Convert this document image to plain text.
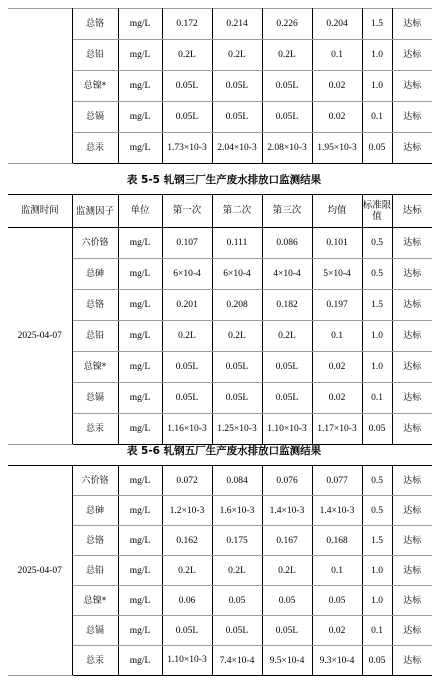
	总铬	mg/L	0.172	0.214	0.226	0.204	1.5	达标
	总铅	mg/L	0.2L	0.2L	0.2L	0.1	1.0	达标
	总镍*	mg/L	0.05L	0.05L	0.05L	0.02	1.0	达标
	总镉	mg/L	0.05L	0.05L	0.05L	0.02	0.1	达标
	总汞	mg/L	1.73×10-3	2.04×10-3	2.08×10-3	1.95×10-3	0.05	达标
表 5-5 轧钢三厂生产废水排放口监测结果
监测时间	监测因子	单位	第一次	第二次	第三次	均值	标准限值	达标
2025-04-07	六价铬	mg/L	0.107	0.111	0.086	0.101	0.5	达标
	总砷	mg/L	6×10-4	6×10-4	4×10-4	5×10-4	0.5	达标
	总铬	mg/L	0.201	0.208	0.182	0.197	1.5	达标
	总铅	mg/L	0.2L	0.2L	0.2L	0.1	1.0	达标
	总镍*	mg/L	0.05L	0.05L	0.05L	0.02	1.0	达标
	总镉	mg/L	0.05L	0.05L	0.05L	0.02	0.1	达标
	总汞	mg/L	1.16×10-3	1.25×10-3	1.10×10-3	1.17×10-3	0.05	达标
表 5-6 轧钢五厂生产废水排放口监测结果
2025-04-07	六价铬	mg/L	0.072	0.084	0.076	0.077	0.5	达标
	总砷	mg/L	1.2×10-3	1.6×10-3	1.4×10-3	1.4×10-3	0.5	达标
	总铬	mg/L	0.162	0.175	0.167	0.168	1.5	达标
	总铅	mg/L	0.2L	0.2L	0.2L	0.1	1.0	达标
	总镍*	mg/L	0.06	0.05	0.05	0.05	1.0	达标
	总镉	mg/L	0.05L	0.05L	0.05L	0.02	0.1	达标
	总汞	mg/L	1.10×10-3	7.4×10-4	9.5×10-4	9.3×10-4	0.05	达标
